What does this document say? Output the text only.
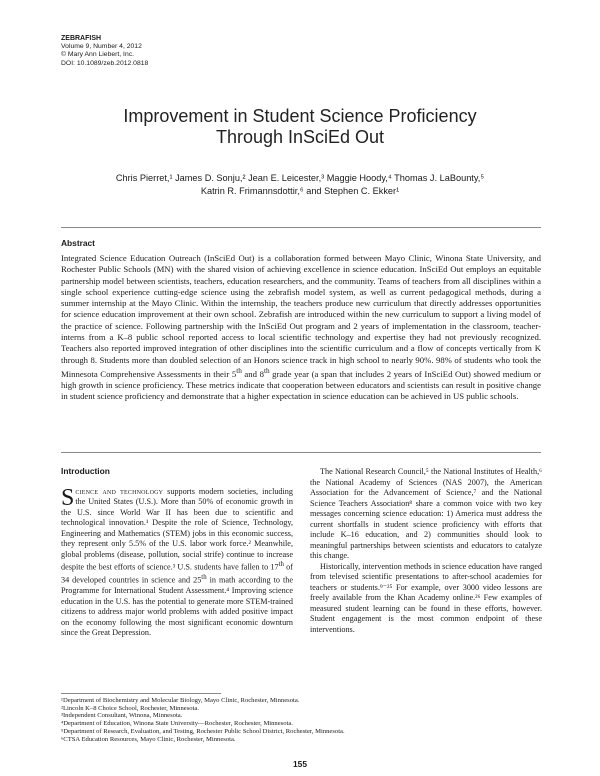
ZEBRAFISH
Volume 9, Number 4, 2012
© Mary Ann Liebert, Inc.
DOI: 10.1089/zeb.2012.0818
Improvement in Student Science Proficiency
Through InSciEd Out
Chris Pierret,¹ James D. Sonju,² Jean E. Leicester,³ Maggie Hoody,⁴ Thomas J. LaBounty,⁵
Katrin R. Frimannsdottir,⁶ and Stephen C. Ekker¹
Abstract

Integrated Science Education Outreach (InSciEd Out) is a collaboration formed between Mayo Clinic, Winona State University, and Rochester Public Schools (MN) with the shared vision of achieving excellence in science education. InSciEd Out employs an equitable partnership model between scientists, teachers, education researchers, and the community. Teams of teachers from all disciplines within a single school experience cutting-edge science using the zebrafish model system, as well as current pedagogical methods, during a summer internship at the Mayo Clinic. Within the internship, the teachers produce new curriculum that directly addresses opportunities for science education improvement at their own school. Zebrafish are introduced within the new curriculum to support a living model of the practice of science. Following partnership with the InSciEd Out program and 2 years of implementation in the classroom, teacher-interns from a K–8 public school reported access to local scientific technology and expertise they had not previously recognized. Teachers also reported improved integration of other disciplines into the scientific curriculum and a flow of concepts vertically from K through 8. Students more than doubled selection of an Honors science track in high school to nearly 90%. 98% of students who took the Minnesota Comprehensive Assessments in their 5th and 8th grade year (a span that includes 2 years of InSciEd Out) showed medium or high growth in science proficiency. These metrics indicate that cooperation between educators and scientists can result in positive change in student science proficiency and demonstrate that a higher expectation in science education can be achieved in US public schools.

Introduction

Science and technology supports modern societies, including the United States (U.S.). More than 50% of economic growth in the U.S. since World War II has been due to scientific and technological innovation.¹ Despite the role of Science, Technology, Engineering and Mathematics (STEM) jobs in this economic success, they represent only 5.5% of the U.S. labor work force.² Meanwhile, global problems (disease, pollution, social strife) continue to increase despite the best efforts of science.³ U.S. students have fallen to 17th of 34 developed countries in science and 25th in math according to the Programme for International Student Assessment.⁴ Improving science education in the U.S. has the potential to generate more STEM-trained citizens to address major world problems with added positive impact on the economy following the most significant economic downturn since the Great Depression.

The National Research Council,⁵ the National Institutes of Health,⁶ the National Academy of Sciences (NAS 2007), the American Association for the Advancement of Science,⁷ and the National Science Teachers Association⁸ share a common voice with two key messages concerning science education: 1) America must address the current shortfalls in student science proficiency with efforts that include K–16 education, and 2) communities should look to meaningful partnerships between scientists and educators to catalyze this change.

Historically, intervention methods in science education have ranged from televised scientific presentations to after-school academies for teachers or students.⁹⁻²⁵ For example, over 3000 video lessons are freely available from the Khan Academy online.²⁶ Few examples of measured student learning can be found in these efforts, however. Student engagement is the most common endpoint of these interventions.

¹Department of Biochemistry and Molecular Biology, Mayo Clinic, Rochester, Minnesota.
²Lincoln K–8 Choice School, Rochester, Minnesota.
³Independent Consultant, Winona, Minnesota.
⁴Department of Education, Winona State University—Rochester, Rochester, Minnesota.
⁵Department of Research, Evaluation, and Testing, Rochester Public School District, Rochester, Minnesota.
⁶CTSA Education Resources, Mayo Clinic, Rochester, Minnesota.
155
